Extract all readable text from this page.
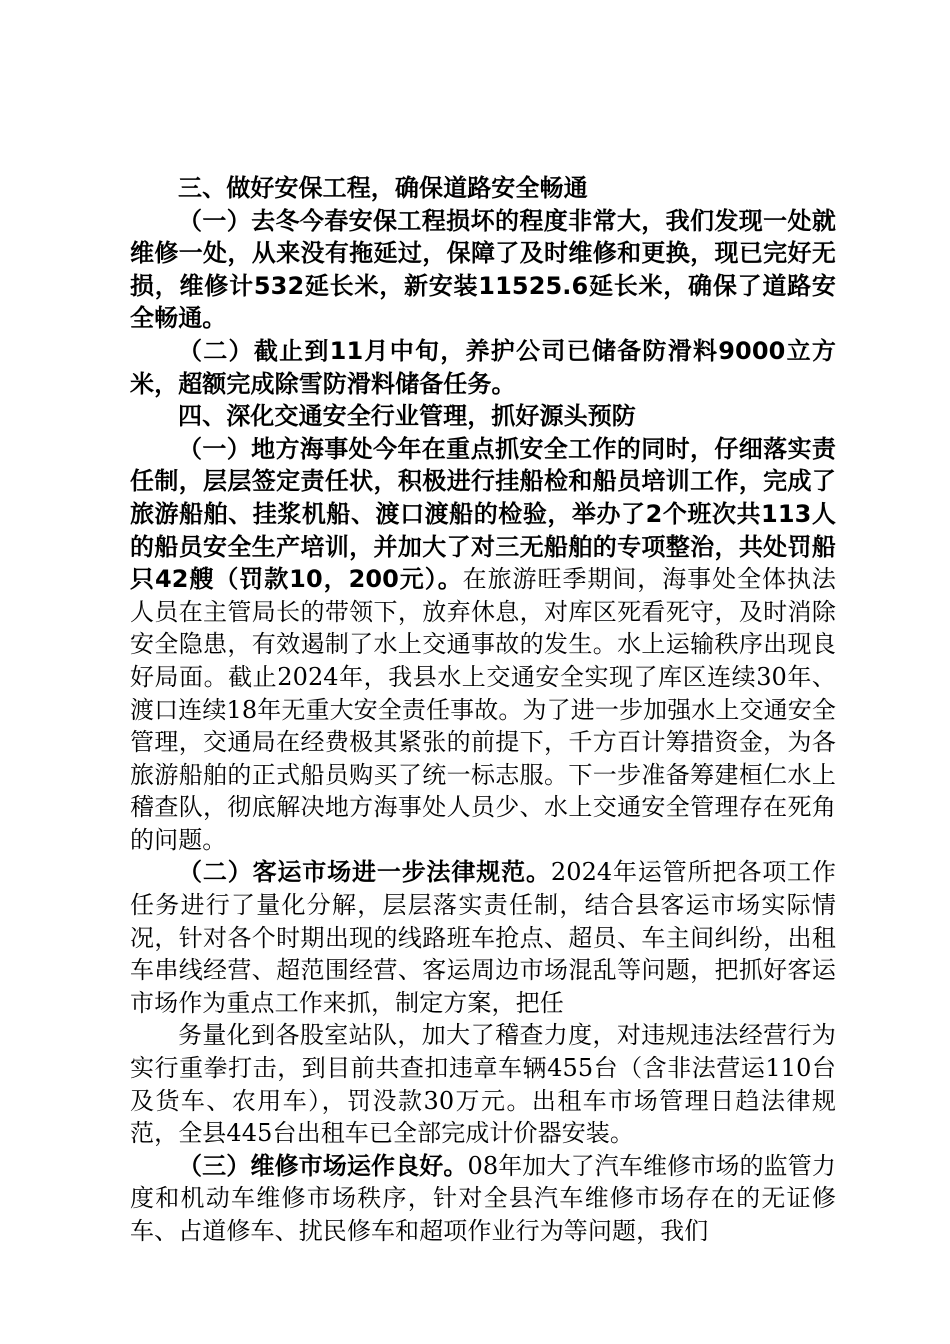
三、做好安保工程，确保道路安全畅通

（一）去冬今春安保工程损坏的程度非常大，我们发现一处就维修一处，从来没有拖延过，保障了及时维修和更换，现已完好无损，维修计532延长米，新安装11525.6延长米，确保了道路安全畅通。

（二）截止到11月中旬，养护公司已储备防滑料9000立方米，超额完成除雪防滑料储备任务。

四、深化交通安全行业管理，抓好源头预防

（一）地方海事处今年在重点抓安全工作的同时，仔细落实责任制，层层签定责任状，积极进行挂船检和船员培训工作，完成了旅游船舶、挂浆机船、渡口渡船的检验，举办了2个班次共113人的船员安全生产培训，并加大了对三无船舶的专项整治，共处罚船只42艘（罚款10，200元）。在旅游旺季期间，海事处全体执法人员在主管局长的带领下，放弃休息，对库区死看死守，及时消除安全隐患，有效遏制了水上交通事故的发生。水上运输秩序出现良好局面。截止2024年，我县水上交通安全实现了库区连续30年、渡口连续18年无重大安全责任事故。为了进一步加强水上交通安全管理，交通局在经费极其紧张的前提下，千方百计筹措资金，为各旅游船舶的正式船员购买了统一标志服。下一步准备筹建桓仁水上稽查队，彻底解决地方海事处人员少、水上交通安全管理存在死角的问题。

（二）客运市场进一步法律规范。2024年运管所把各项工作任务进行了量化分解，层层落实责任制，结合县客运市场实际情况，针对各个时期出现的线路班车抢点、超员、车主间纠纷，出租车串线经营、超范围经营、客运周边市场混乱等问题，把抓好客运市场作为重点工作来抓，制定方案，把任

务量化到各股室站队，加大了稽查力度，对违规违法经营行为实行重拳打击，到目前共查扣违章车辆455台（含非法营运110台及货车、农用车），罚没款30万元。出租车市场管理日趋法律规范，全县445台出租车已全部完成计价器安装。

（三）维修市场运作良好。08年加大了汽车维修市场的监管力度和机动车维修市场秩序，针对全县汽车维修市场存在的无证修车、占道修车、扰民修车和超项作业行为等问题，我们
